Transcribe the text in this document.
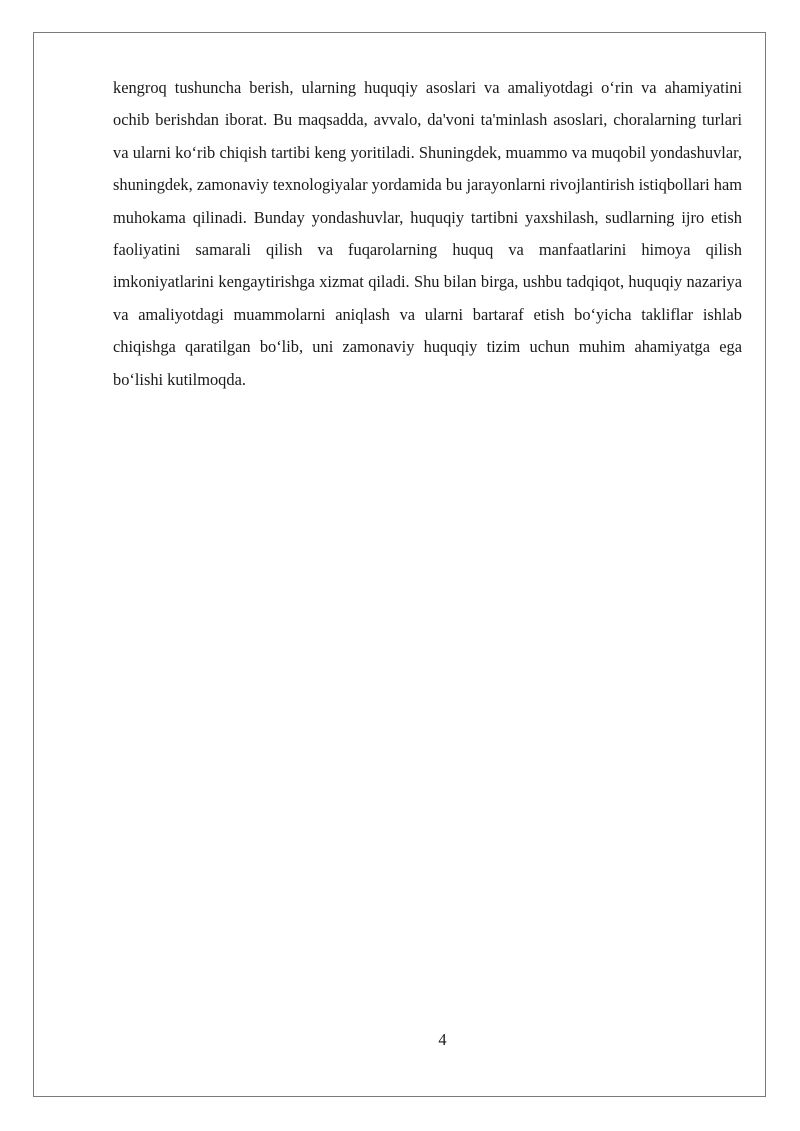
kengroq tushuncha berish, ularning huquqiy asoslari va amaliyotdagi o‘rin va ahamiyatini ochib berishdan iborat. Bu maqsadda, avvalo, da'voni ta'minlash asoslari, choralarning turlari va ularni ko‘rib chiqish tartibi keng yoritiladi. Shuningdek, muammo va muqobil yondashuvlar, shuningdek, zamonaviy texnologiyalar yordamida bu jarayonlarni rivojlantirish istiqbollari ham muhokama qilinadi. Bunday yondashuvlar, huquqiy tartibni yaxshilash, sudlarning ijro etish faoliyatini samarali qilish va fuqarolarning huquq va manfaatlarini himoya qilish imkoniyatlarini kengaytirishga xizmat qiladi. Shu bilan birga, ushbu tadqiqot, huquqiy nazariya va amaliyotdagi muammolarni aniqlash va ularni bartaraf etish bo‘yicha takliflar ishlab chiqishga qaratilgan bo‘lib, uni zamonaviy huquqiy tizim uchun muhim ahamiyatga ega bo‘lishi kutilmoqda.

4
